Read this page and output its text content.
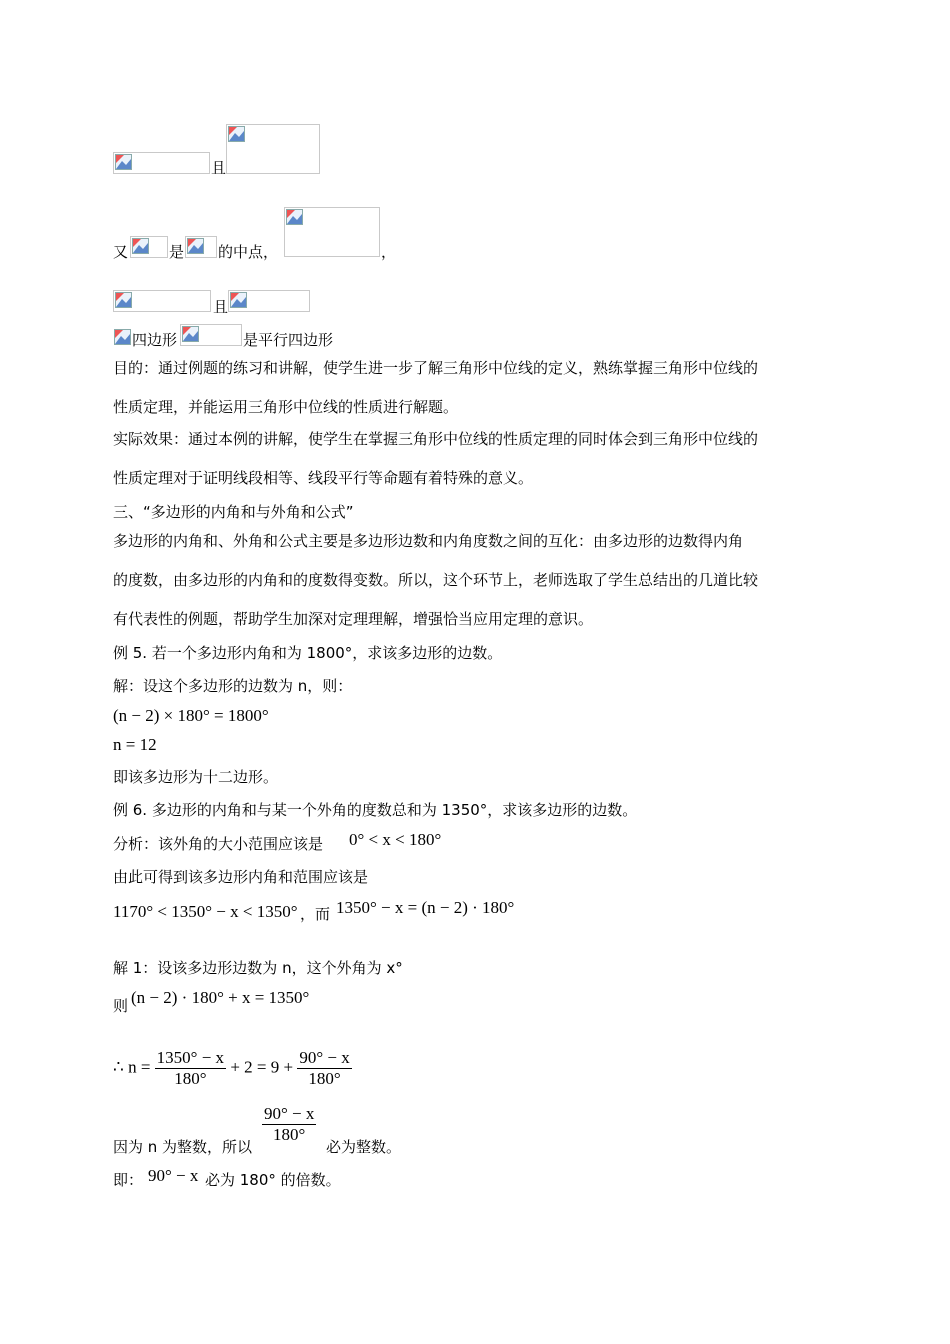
且
又	是 的中点，	，
且
四边形	是平行四边形
目的：通过例题的练习和讲解，使学生进一步了解三角形中位线的定义，熟练掌握三角形中位线的
性质定理，并能运用三角形中位线的性质进行解题。
实际效果：通过本例的讲解，使学生在掌握三角形中位线的性质定理的同时体会到三角形中位线的
性质定理对于证明线段相等、线段平行等命题有着特殊的意义。
三、“多边形的内角和与外角和公式”
多边形的内角和、外角和公式主要是多边形边数和内角度数之间的互化：由多边形的边数得内角
的度数，由多边形的内角和的度数得变数。所以，这个环节上，老师选取了学生总结出的几道比较
有代表性的例题，帮助学生加深对定理理解，增强恰当应用定理的意识。
例 5. 若一个多边形内角和为 1800°，求该多边形的边数。
解：设这个多边形的边数为 n，则：
(n − 2) × 180° = 1800°
n = 12
即该多边形为十二边形。
例 6. 多边形的内角和与某一个外角的度数总和为 1350°，求该多边形的边数。
分析：该外角的大小范围应该是 0° < x < 180°
由此可得到该多边形内角和范围应该是
1170° < 1350° − x < 1350° ，而 1350° − x = (n − 2) · 180°
解 1：设该多边形边数为 n，这个外角为 x°
则 (n − 2) · 180° + x = 1350°
∴ $n = \frac{1350^\circ - x}{180^\circ} + 2 = 9 + \frac{90^\circ - x}{180^\circ}$
因为 n 为整数，所以
$\frac{90^\circ - x}{180^\circ}$
必为整数。
即： 90° − x 必为 180° 的倍数。
